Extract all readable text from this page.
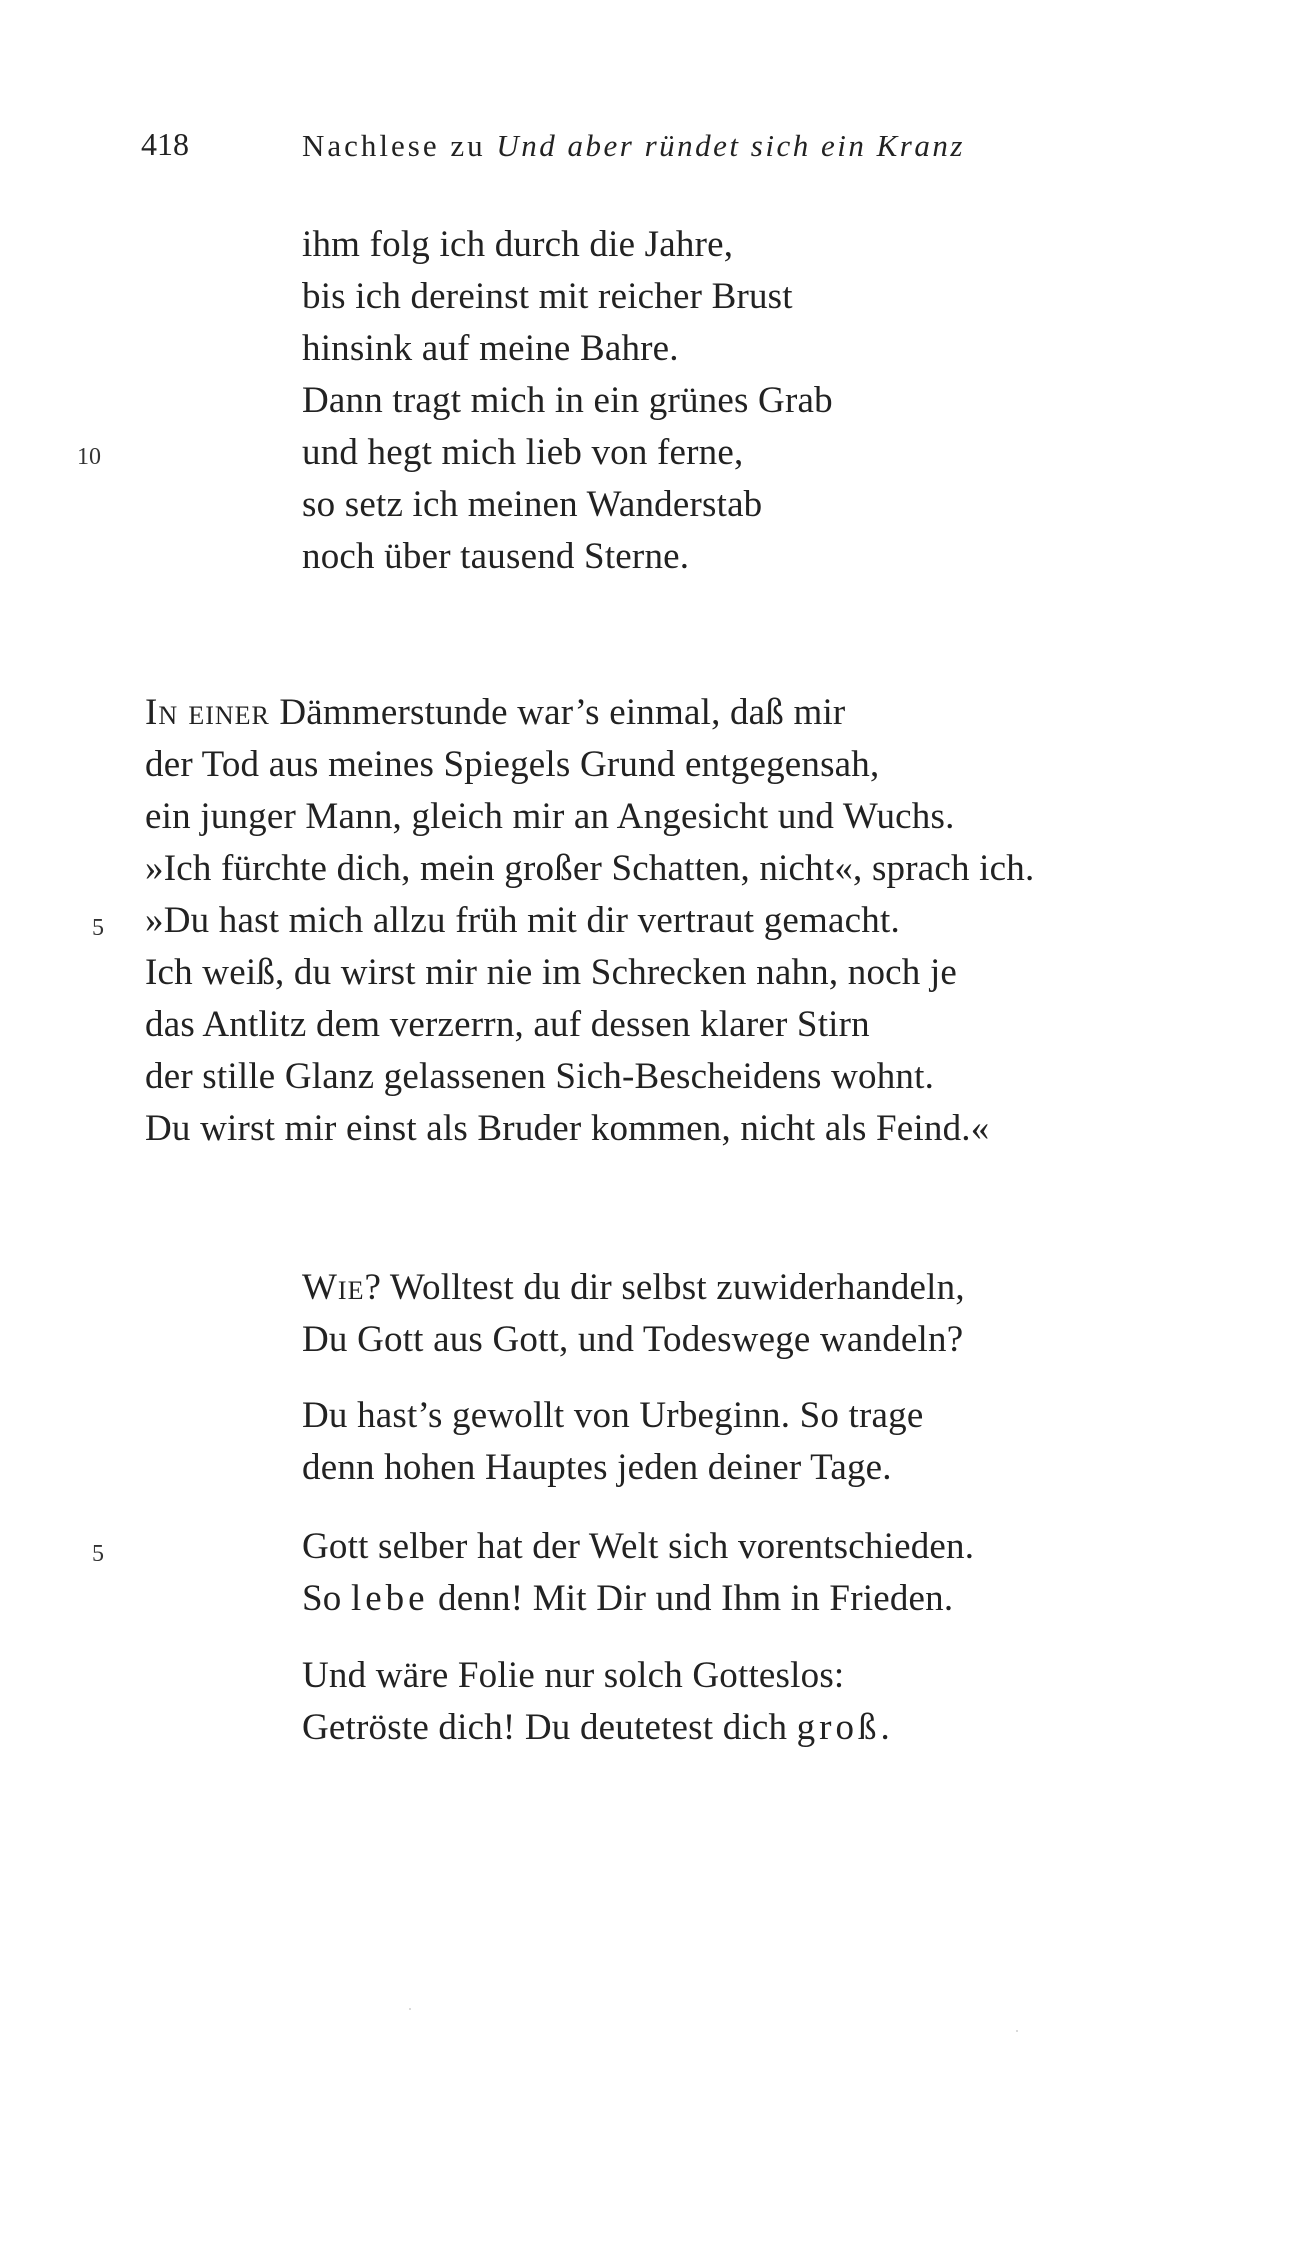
418	Nachlese zu Und aber ründet sich ein Kranz
10
ihm folg ich durch die Jahre,
bis ich dereinst mit reicher Brust
hinsink auf meine Bahre.
Dann tragt mich in ein grünes Grab
und hegt mich lieb von ferne,
so setz ich meinen Wanderstab
noch über tausend Sterne.
In einer Dämmerstunde war’s einmal, daß mir
der Tod aus meines Spiegels Grund entgegensah,
ein junger Mann, gleich mir an Angesicht und Wuchs.
»Ich fürchte dich, mein großer Schatten, nicht«, sprach ich.
5 »Du hast mich allzu früh mit dir vertraut gemacht.
Ich weiß, du wirst mir nie im Schrecken nahn, noch je
das Antlitz dem verzerrn, auf dessen klarer Stirn
der stille Glanz gelassenen Sich-Bescheidens wohnt.
Du wirst mir einst als Bruder kommen, nicht als Feind.«
Wie? Wolltest du dir selbst zuwiderhandeln,
Du Gott aus Gott, und Todeswege wandeln?
Du hast’s gewollt von Urbeginn. So trage
denn hohen Hauptes jeden deiner Tage.
5	Gott selber hat der Welt sich vorentschieden.
So lebe denn! Mit Dir und Ihm in Frieden.
Und wäre Folie nur solch Gotteslos:
Getröste dich! Du deutetest dich groß.
